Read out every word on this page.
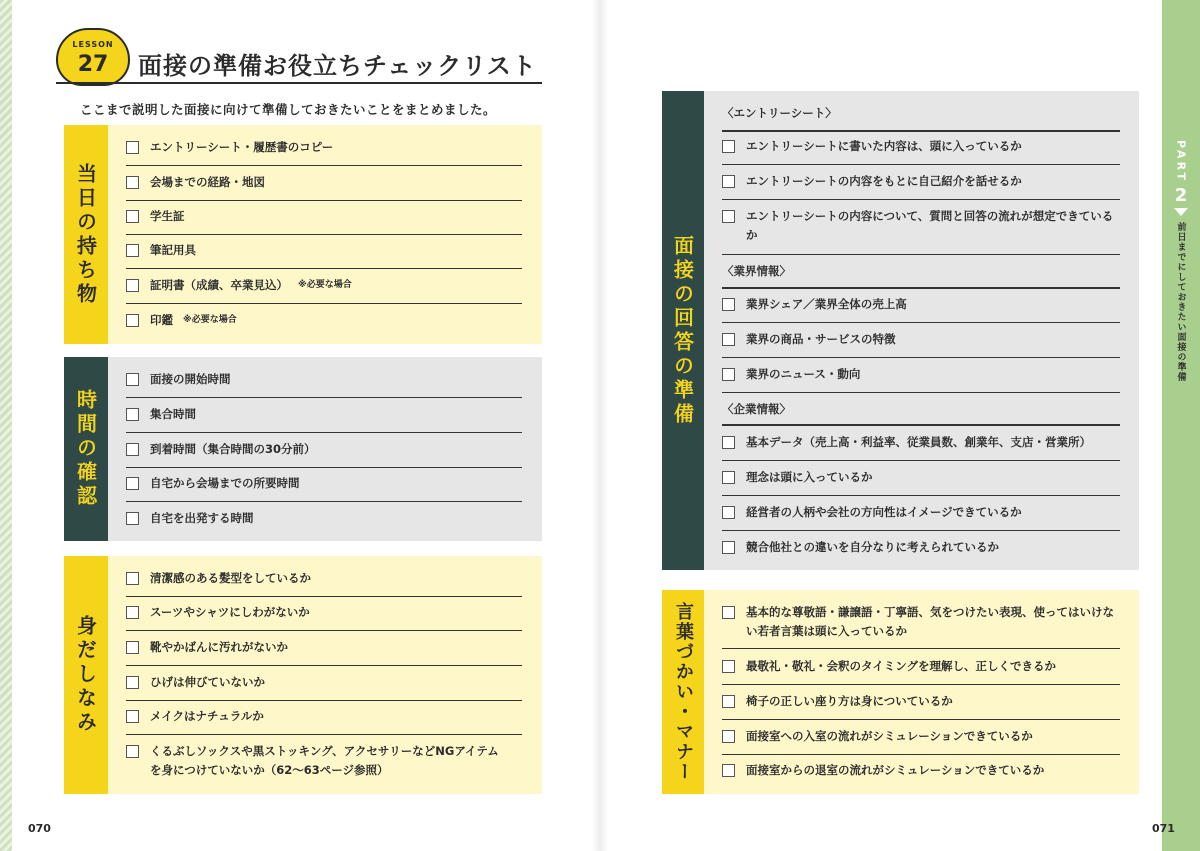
LESSON
27	面接の準備お役立ちチェックリスト
ここまで説明した面接に向けて準備しておきたいことをまとめました。
当日の持ち物
エントリーシート・履歴書のコピー
会場までの経路・地図
学生証
筆記用具
証明書（成績、卒業見込） ※必要な場合
印鑑 ※必要な場合
時間の確認
面接の開始時間
集合時間
到着時間（集合時間の30分前）
自宅から会場までの所要時間
自宅を出発する時間
身だしなみ
清潔感のある髪型をしているか
スーツやシャツにしわがないか
靴やかばんに汚れがないか
ひげは伸びていないか
メイクはナチュラルか
くるぶしソックスや黒ストッキング、アクセサリーなどNGアイテムを身につけていないか（62～63ページ参照）
面接の回答の準備
〈エントリーシート〉
エントリーシートに書いた内容は、頭に入っているか
エントリーシートの内容をもとに自己紹介を話せるか
エントリーシートの内容について、質問と回答の流れが想定できているか
〈業界情報〉
業界シェア／業界全体の売上高
業界の商品・サービスの特徴
業界のニュース・動向
〈企業情報〉
基本データ（売上高・利益率、従業員数、創業年、支店・営業所）
理念は頭に入っているか
経営者の人柄や会社の方向性はイメージできているか
競合他社との違いを自分なりに考えられているか
言葉づかい・マナー	基本的な尊敬語・謙譲語・丁寧語、気をつけたい表現、使ってはいけない若者言葉は頭に入っているか
最敬礼・敬礼・会釈のタイミングを理解し、正しくできるか
椅子の正しい座り方は身についているか
面接室への入室の流れがシミュレーションできているか
面接室からの退室の流れがシミュレーションできているか
PART
2
前日までにしておきたい面接の準備
070	071
